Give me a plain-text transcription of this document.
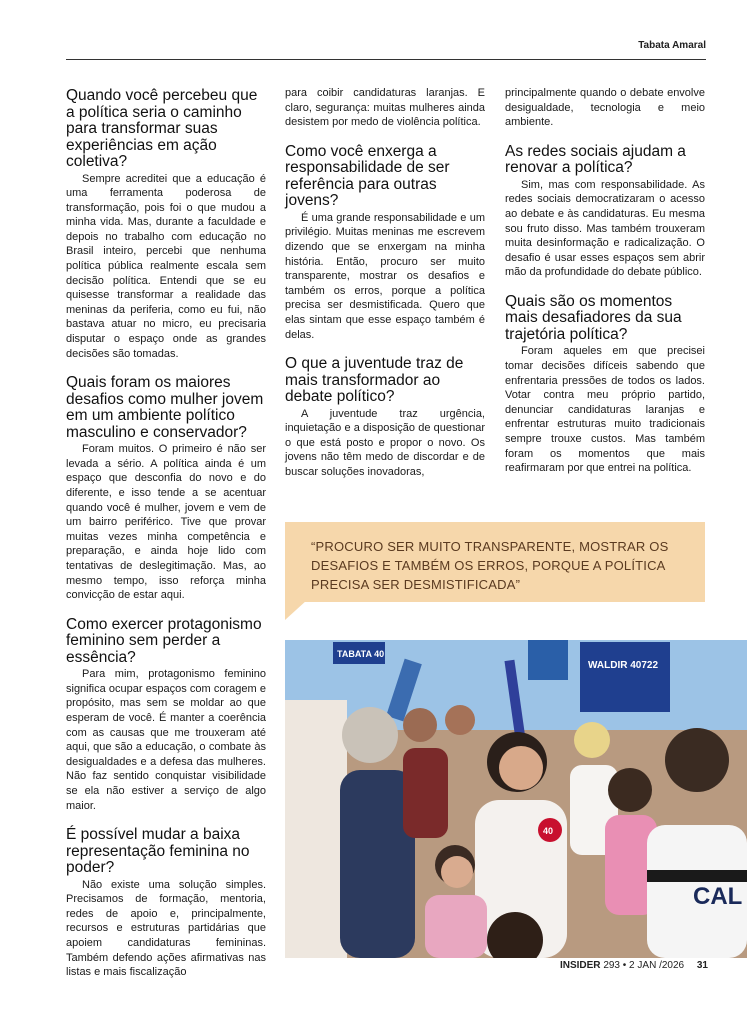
Tabata Amaral
Quando você percebeu que a política seria o caminho para transformar suas experiências em ação coletiva?

Sempre acreditei que a educação é uma ferramenta poderosa de transformação, pois foi o que mudou a minha vida. Mas, durante a faculdade e depois no trabalho com educação no Brasil inteiro, percebi que nenhuma política pública realmente escala sem decisão política. Entendi que se eu quisesse transformar a realidade das meninas da periferia, como eu fui, não bastava atuar no micro, eu precisaria disputar o espaço onde as grandes decisões são tomadas.

Quais foram os maiores desafios como mulher jovem em um ambiente político masculino e conservador?

Foram muitos. O primeiro é não ser levada a sério. A política ainda é um espaço que desconfia do novo e do diferente, e isso tende a se acentuar quando você é mulher, jovem e vem de um bairro periférico. Tive que provar muitas vezes minha competência e preparação, e ainda hoje lido com tentativas de deslegitimação. Mas, ao mesmo tempo, isso reforça minha convicção de estar aqui.

Como exercer protagonismo feminino sem perder a essência?

Para mim, protagonismo feminino significa ocupar espaços com coragem e propósito, mas sem se moldar ao que esperam de você. É manter a coerência com as causas que me trouxeram até aqui, que são a educação, o combate às desigualdades e a defesa das mulheres. Não faz sentido conquistar visibilidade se ela não estiver a serviço de algo maior.

É possível mudar a baixa representação feminina no poder?

Não existe uma solução simples. Precisamos de formação, mentoria, redes de apoio e, principalmente, recursos e estruturas partidárias que apoiem candidaturas femininas. Também defendo ações afirmativas nas listas e mais fiscalização

para coibir candidaturas laranjas. E claro, segurança: muitas mulheres ainda desistem por medo de violência política.

Como você enxerga a responsabilidade de ser referência para outras jovens?

É uma grande responsabilidade e um privilégio. Muitas meninas me escrevem dizendo que se enxergam na minha história. Então, procuro ser muito transparente, mostrar os desafios e também os erros, porque a política precisa ser desmistificada. Quero que elas sintam que esse espaço também é delas.

O que a juventude traz de mais transformador ao debate político?

A juventude traz urgência, inquietação e a disposição de questionar o que está posto e propor o novo. Os jovens não têm medo de discordar e de buscar soluções inovadoras,

principalmente quando o debate envolve desigualdade, tecnologia e meio ambiente.

As redes sociais ajudam a renovar a política?

Sim, mas com responsabilidade. As redes sociais democratizaram o acesso ao debate e às candidaturas. Eu mesma sou fruto disso. Mas também trouxeram muita desinformação e radicalização. O desafio é usar esses espaços sem abrir mão da profundidade do debate público.

Quais são os momentos mais desafiadores da sua trajetória política?

Foram aqueles em que precisei tomar decisões difíceis sabendo que enfrentaria pressões de todos os lados. Votar contra meu próprio partido, denunciar candidaturas laranjas e enfrentar estruturas muito tradicionais sempre trouxe custos. Mas também foram os momentos que mais reafirmaram por que entrei na política.

“PROCURO SER MUITO TRANSPARENTE, MOSTRAR OS DESAFIOS E TAMBÉM OS ERROS, PORQUE A POLÍTICA PRECISA SER DESMISTIFICADA”
TABATA 40
WALDIR 40722
40
CAL
INSIDER 293 • 2 JAN /2026 31
